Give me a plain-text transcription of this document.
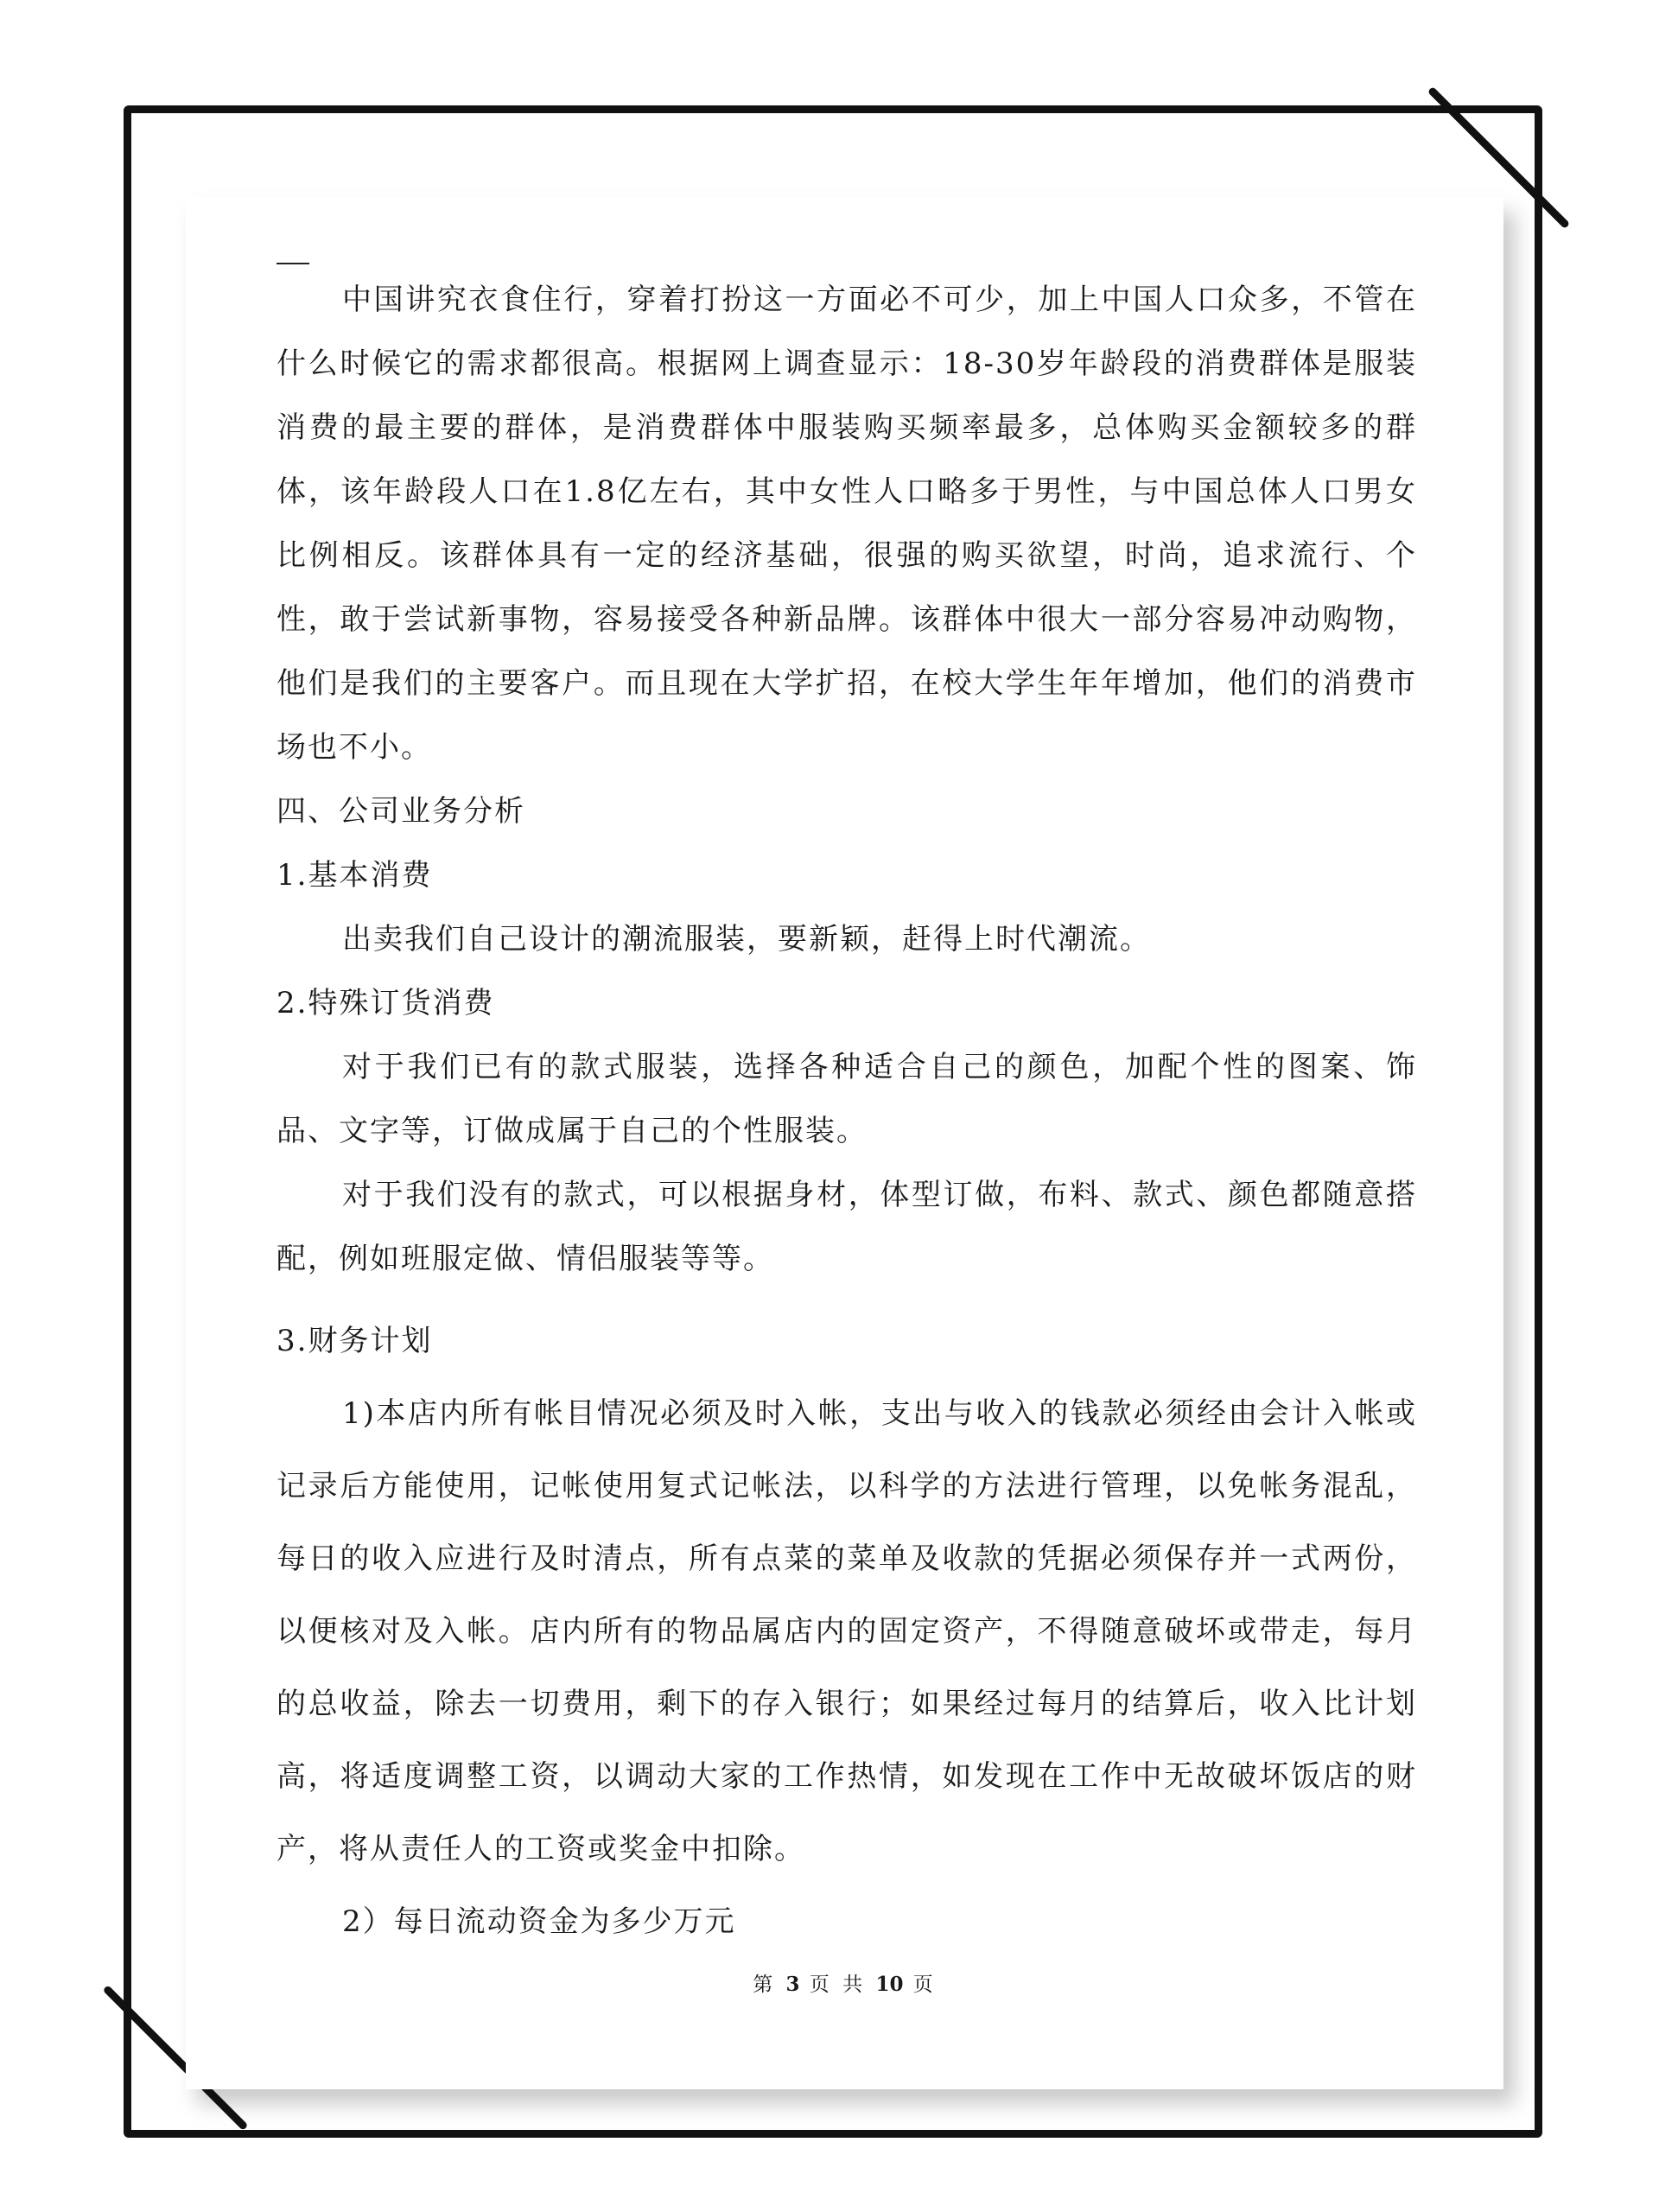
中国讲究衣食住行，穿着打扮这一方面必不可少，加上中国人口众多，不管在什么时候它的需求都很高。根据网上调查显示：18-30岁年龄段的消费群体是服装消费的最主要的群体，是消费群体中服装购买频率最多，总体购买金额较多的群体，该年龄段人口在1.8亿左右，其中女性人口略多于男性，与中国总体人口男女比例相反。该群体具有一定的经济基础，很强的购买欲望，时尚，追求流行、个性，敢于尝试新事物，容易接受各种新品牌。该群体中很大一部分容易冲动购物，他们是我们的主要客户。而且现在大学扩招，在校大学生年年增加，他们的消费市场也不小。

四、公司业务分析

1.基本消费

出卖我们自己设计的潮流服装，要新颖，赶得上时代潮流。

2.特殊订货消费

对于我们已有的款式服装，选择各种适合自己的颜色，加配个性的图案、饰品、文字等，订做成属于自己的个性服装。

对于我们没有的款式，可以根据身材，体型订做，布料、款式、颜色都随意搭配，例如班服定做、情侣服装等等。

3.财务计划

1)本店内所有帐目情况必须及时入帐，支出与收入的钱款必须经由会计入帐或记录后方能使用，记帐使用复式记帐法，以科学的方法进行管理，以免帐务混乱，每日的收入应进行及时清点，所有点菜的菜单及收款的凭据必须保存并一式两份，以便核对及入帐。店内所有的物品属店内的固定资产，不得随意破坏或带走，每月的总收益，除去一切费用，剩下的存入银行；如果经过每月的结算后，收入比计划高，将适度调整工资，以调动大家的工作热情，如发现在工作中无故破坏饭店的财产，将从责任人的工资或奖金中扣除。

2）每日流动资金为多少万元

第 3 页 共 10 页
